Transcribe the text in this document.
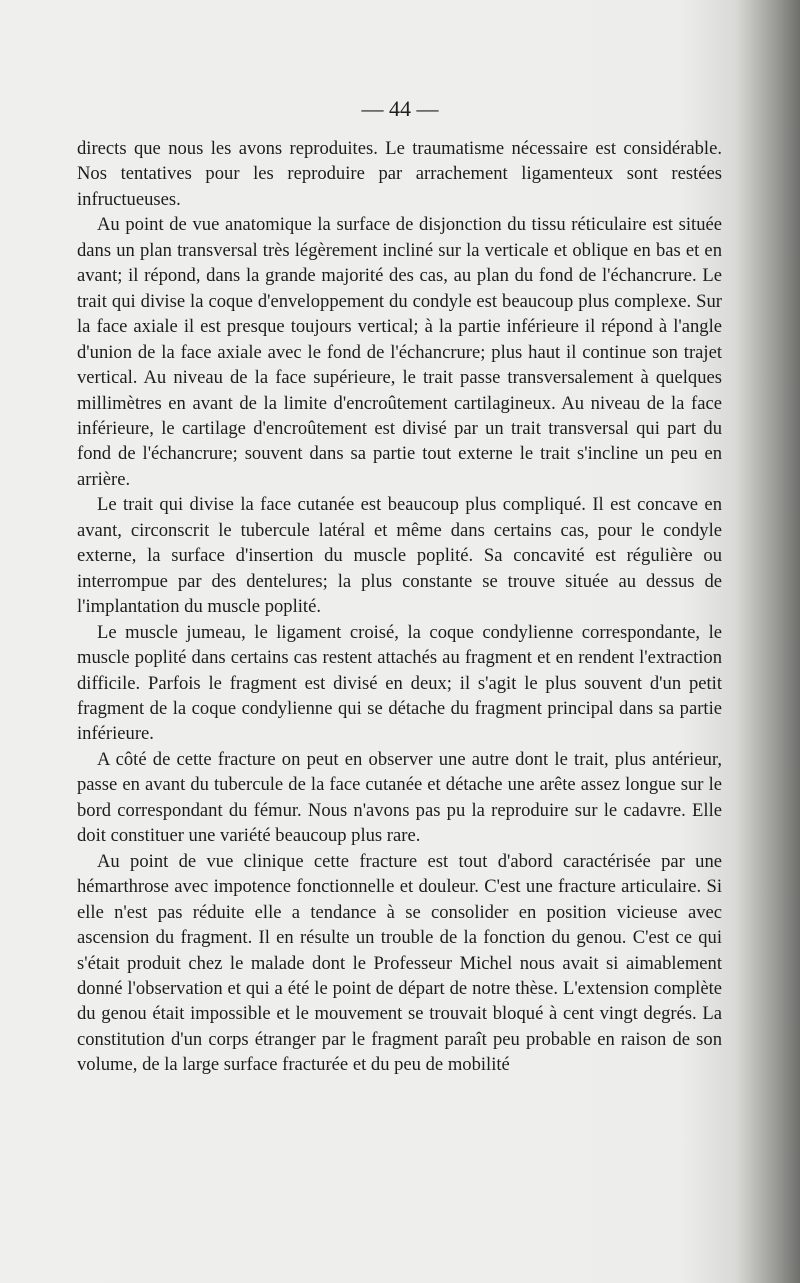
— 44 —

directs que nous les avons reproduites. Le traumatisme nécessaire est considérable. Nos tentatives pour les reproduire par arrachement ligamenteux sont restées infructueuses.

Au point de vue anatomique la surface de disjonction du tissu réticulaire est située dans un plan transversal très légèrement incliné sur la verticale et oblique en bas et en avant; il répond, dans la grande majorité des cas, au plan du fond de l'échancrure. Le trait qui divise la coque d'enveloppement du condyle est beaucoup plus complexe. Sur la face axiale il est presque toujours vertical; à la partie inférieure il répond à l'angle d'union de la face axiale avec le fond de l'échancrure; plus haut il continue son trajet vertical. Au niveau de la face supérieure, le trait passe transversalement à quelques millimètres en avant de la limite d'encroûtement cartilagineux. Au niveau de la face inférieure, le cartilage d'encroûtement est divisé par un trait transversal qui part du fond de l'échancrure; souvent dans sa partie tout externe le trait s'incline un peu en arrière.

Le trait qui divise la face cutanée est beaucoup plus compliqué. Il est concave en avant, circonscrit le tubercule latéral et même dans certains cas, pour le condyle externe, la surface d'insertion du muscle poplité. Sa concavité est régulière ou interrompue par des dentelures; la plus constante se trouve située au dessus de l'implantation du muscle poplité.

Le muscle jumeau, le ligament croisé, la coque condylienne correspondante, le muscle poplité dans certains cas restent attachés au fragment et en rendent l'extraction difficile. Parfois le fragment est divisé en deux; il s'agit le plus souvent d'un petit fragment de la coque condylienne qui se détache du fragment principal dans sa partie inférieure.

A côté de cette fracture on peut en observer une autre dont le trait, plus antérieur, passe en avant du tubercule de la face cutanée et détache une arête assez longue sur le bord correspondant du fémur. Nous n'avons pas pu la reproduire sur le cadavre. Elle doit constituer une variété beaucoup plus rare.

Au point de vue clinique cette fracture est tout d'abord caractérisée par une hémarthrose avec impotence fonctionnelle et douleur. C'est une fracture articulaire. Si elle n'est pas réduite elle a tendance à se consolider en position vicieuse avec ascension du fragment. Il en résulte un trouble de la fonction du genou. C'est ce qui s'était produit chez le malade dont le Professeur Michel nous avait si aimablement donné l'observation et qui a été le point de départ de notre thèse. L'extension complète du genou était impossible et le mouvement se trouvait bloqué à cent vingt degrés. La constitution d'un corps étranger par le fragment paraît peu probable en raison de son volume, de la large surface fracturée et du peu de mobilité
